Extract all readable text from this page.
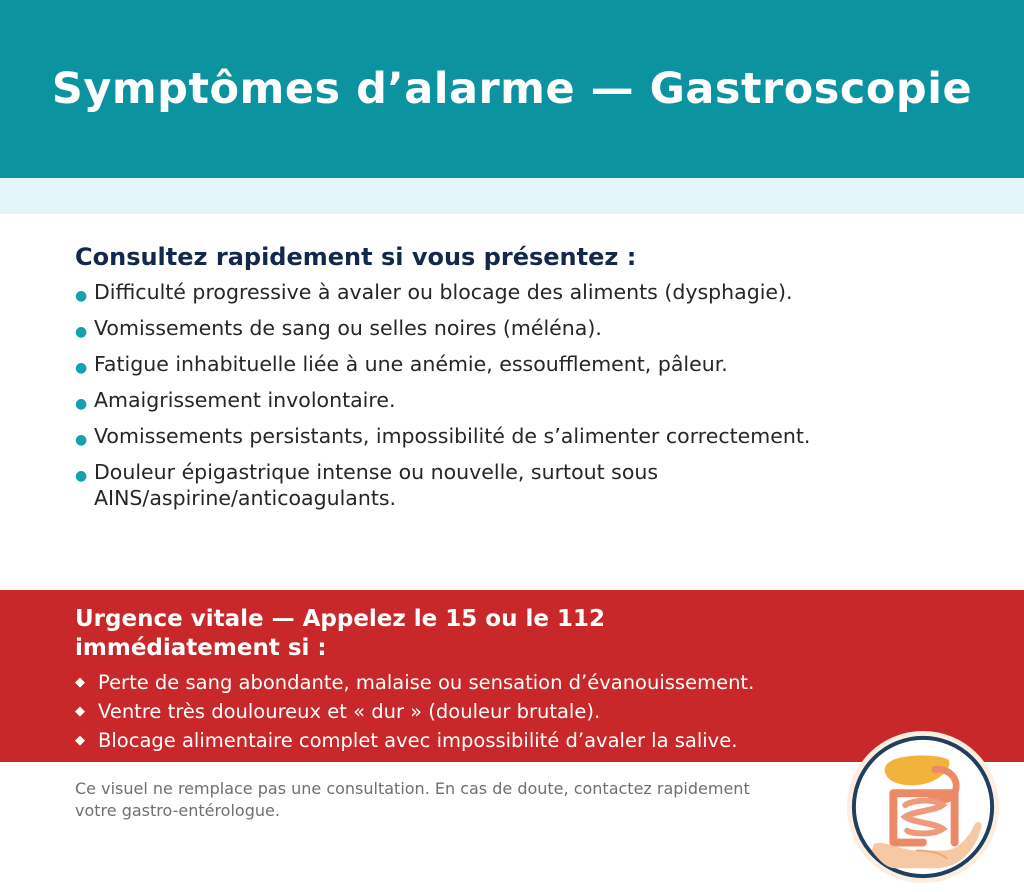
Symptômes d’alarme — Gastroscopie
Consultez rapidement si vous présentez :
● Difficulté progressive à avaler ou blocage des aliments (dysphagie).
● Vomissements de sang ou selles noires (méléna).
● Fatigue inhabituelle liée à une anémie, essoufflement, pâleur.
● Amaigrissement involontaire.
● Vomissements persistants, impossibilité de s’alimenter correctement.
● Douleur épigastrique intense ou nouvelle, surtout sous AINS/aspirine/anticoagulants.
Urgence vitale — Appelez le 15 ou le 112 immédiatement si :
◆ Perte de sang abondante, malaise ou sensation d’évanouissement.
◆ Ventre très douloureux et « dur » (douleur brutale).
◆ Blocage alimentaire complet avec impossibilité d’avaler la salive.
Ce visuel ne remplace pas une consultation. En cas de doute, contactez rapidement votre gastro-entérologue.
